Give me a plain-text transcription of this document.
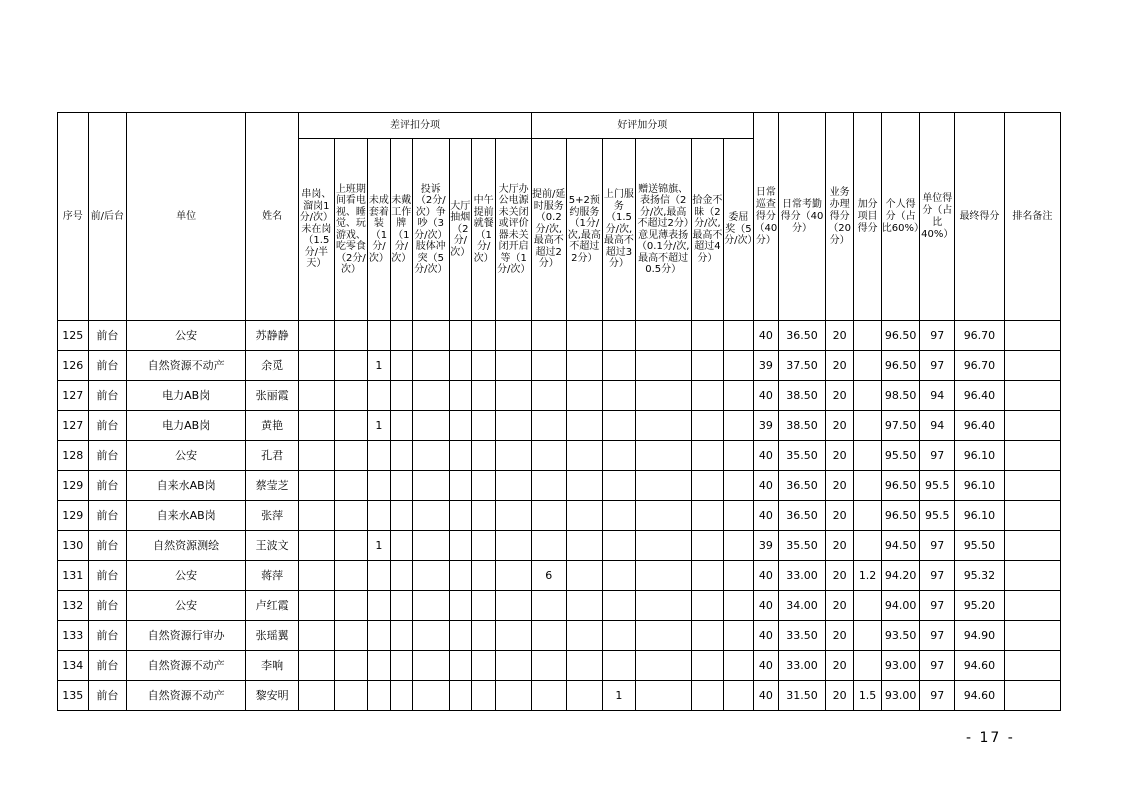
序号	前/后台	单位	姓名	差评扣分项								好评加分项						日常巡查得分（40分）	日常考勤得分（40分）	业务办理得分（20分）	加分项目得分	个人得分（占比60%）	单位得分（占比40%）	最终得分	排名备注
				串岗、溜岗1分/次）未在岗（1.5分/半天）	上班期间看电视、睡觉、玩游戏、吃零食（2分/次）	未成套着装（1分/次）	未戴工作牌（1分/次）	投诉（2分/次）争吵（3分/次）肢体冲突（5分/次）	大厅抽烟（2分/次）	中午提前就餐（1分/次）	大厅办公电源未关闭或评价器未关闭开启等（1分/次）	提前/延时服务（0.2分/次,最高不超过2分）	5+2预约服务（1分/次,最高不超过2分）	上门服务（1.5分/次,最高不超过3分）	赠送锦旗、表扬信（2分/次,最高不超过2分）意见薄表扬（0.1分/次,最高不超过0.5分）	拾金不昧（2分/次,最高不超过4分）	委屈奖（5分/次）								
125	前台	公安	苏静静															40	36.50	20		96.50	97	96.70	
126	前台	自然资源不动产	余觅			1												39	37.50	20		96.50	97	96.70	
127	前台	电力AB岗	张丽霞															40	38.50	20		98.50	94	96.40	
127	前台	电力AB岗	黄艳			1												39	38.50	20		97.50	94	96.40	
128	前台	公安	孔君															40	35.50	20		95.50	97	96.10	
129	前台	自来水AB岗	蔡莹芝															40	36.50	20		96.50	95.5	96.10	
129	前台	自来水AB岗	张萍															40	36.50	20		96.50	95.5	96.10	
130	前台	自然资源测绘	王波文			1												39	35.50	20		94.50	97	95.50	
131	前台	公安	蒋萍									6						40	33.00	20	1.2	94.20	97	95.32	
132	前台	公安	卢红霞															40	34.00	20		94.00	97	95.20	
133	前台	自然资源行审办	张瑶翼															40	33.50	20		93.50	97	94.90	
134	前台	自然资源不动产	李响															40	33.00	20		93.00	97	94.60	
135	前台	自然资源不动产	黎安明											1				40	31.50	20	1.5	93.00	97	94.60	
- 17 -
